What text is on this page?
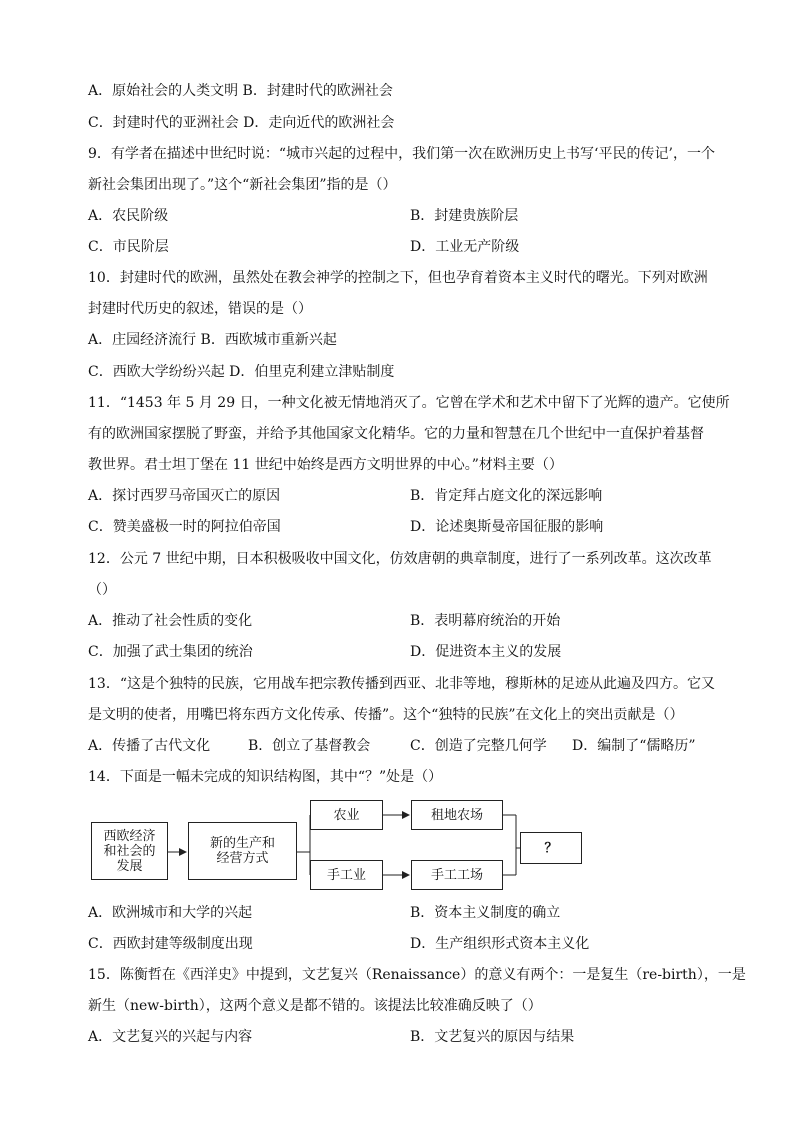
A．原始社会的人类文明 B．封建时代的欧洲社会
C．封建时代的亚洲社会 D．走向近代的欧洲社会
9．有学者在描述中世纪时说：“城市兴起的过程中，我们第一次在欧洲历史上书写‘平民的传记’，一个
新社会集团出现了。”这个“新社会集团”指的是（）
A．农民阶级	B．封建贵族阶层
C．市民阶层	D．工业无产阶级
10．封建时代的欧洲，虽然处在教会神学的控制之下，但也孕育着资本主义时代的曙光。下列对欧洲
封建时代历史的叙述，错误的是（）
A．庄园经济流行 B．西欧城市重新兴起
C．西欧大学纷纷兴起 D．伯里克利建立津贴制度
11．“1453 年 5 月 29 日，一种文化被无情地消灭了。它曾在学术和艺术中留下了光辉的遗产。它使所
有的欧洲国家摆脱了野蛮，并给予其他国家文化精华。它的力量和智慧在几个世纪中一直保护着基督
教世界。君士坦丁堡在 11 世纪中始终是西方文明世界的中心。”材料主要（）
A．探讨西罗马帝国灭亡的原因	B．肯定拜占庭文化的深远影响
C．赞美盛极一时的阿拉伯帝国	D．论述奥斯曼帝国征服的影响
12．公元 7 世纪中期，日本积极吸收中国文化，仿效唐朝的典章制度，进行了一系列改革。这次改革
（）
A．推动了社会性质的变化	B．表明幕府统治的开始
C．加强了武士集团的统治	D．促进资本主义的发展
13．“这是个独特的民族，它用战车把宗教传播到西亚、北非等地，穆斯林的足迹从此遍及四方。它又
是文明的使者，用嘴巴将东西方文化传承、传播”。这个“独特的民族”在文化上的突出贡献是（）
A．传播了古代文化	B．创立了基督教会	C．创造了完整几何学 D．编制了“儒略历”
14．下面是一幅未完成的知识结构图，其中“？”处是（）
西欧经济
和社会的
发展
新的生产和
经营方式
农业
手工业
租地农场
手工工场
？
A．欧洲城市和大学的兴起	B．资本主义制度的确立
C．西欧封建等级制度出现	D．生产组织形式资本主义化
15．陈衡哲在《西洋史》中提到，文艺复兴（Renaissance）的意义有两个：一是复生（re-birth），一是
新生（new-birth），这两个意义是都不错的。该提法比较准确反映了（）
A．文艺复兴的兴起与内容	B．文艺复兴的原因与结果
